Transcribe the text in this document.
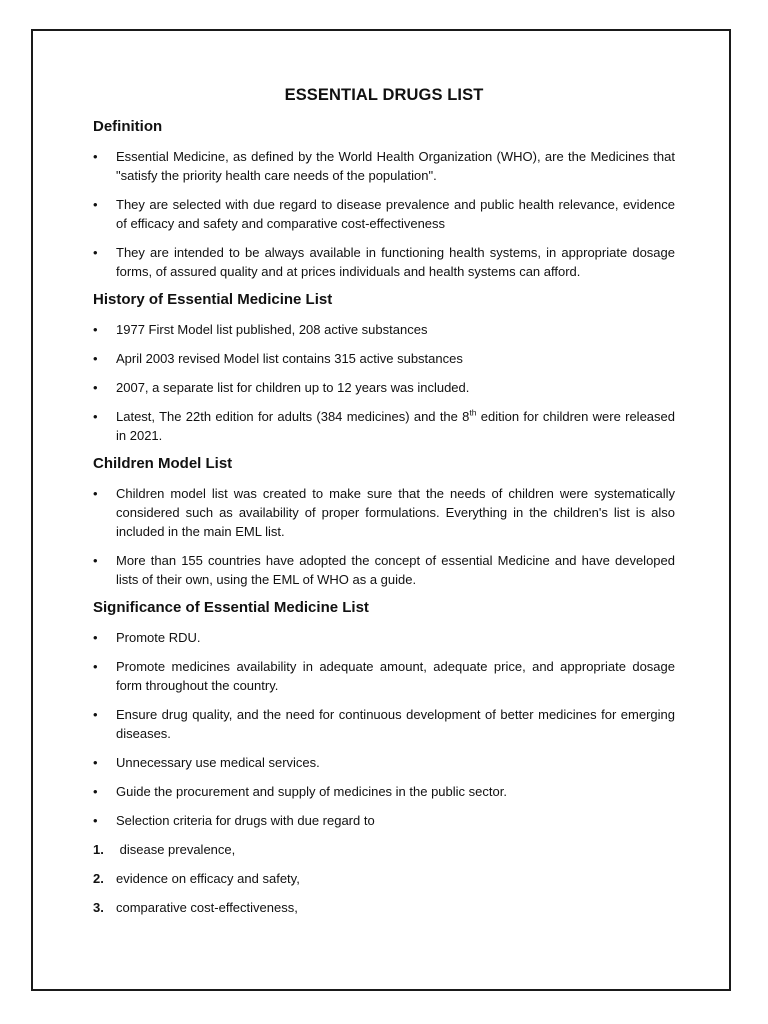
ESSENTIAL DRUGS LIST
Definition
•	Essential Medicine, as defined by the World Health Organization (WHO), are the Medicines that "satisfy the priority health care needs of the population".
•	They are selected with due regard to disease prevalence and public health relevance, evidence of efficacy and safety and comparative cost-effectiveness
•	They are intended to be always available in functioning health systems, in appropriate dosage forms, of assured quality and at prices individuals and health systems can afford.
History of Essential Medicine List
•	1977 First Model list published, 208 active substances
•	April 2003 revised Model list contains 315 active substances
•	2007, a separate list for children up to 12 years was included.
•	Latest, The 22th edition for adults (384 medicines) and the 8th edition for children were released in 2021.
Children Model List
•	Children model list was created to make sure that the needs of children were systematically considered such as availability of proper formulations. Everything in the children's list is also included in the main EML list.
•	More than 155 countries have adopted the concept of essential Medicine and have developed lists of their own, using the EML of WHO as a guide.
Significance of Essential Medicine List
•	Promote RDU.
•	Promote medicines availability in adequate amount, adequate price, and appropriate dosage form throughout the country.
•	Ensure drug quality, and the need for continuous development of better medicines for emerging diseases.
•	Unnecessary use medical services.
•	Guide the procurement and supply of medicines in the public sector.
•	Selection criteria for drugs with due regard to
1. disease prevalence,
2. evidence on efficacy and safety,
3. comparative cost-effectiveness,
